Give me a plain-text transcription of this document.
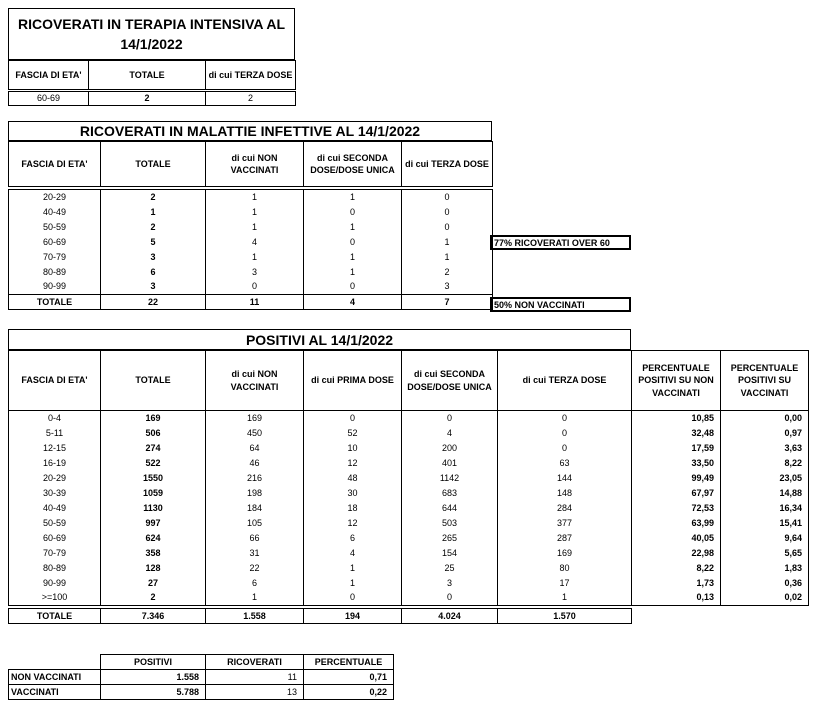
RICOVERATI IN TERAPIA INTENSIVA AL
14/1/2022
FASCIA DI ETA'	TOTALE	di cui TERZA DOSE
60-69	2	2
RICOVERATI IN MALATTIE INFETTIVE AL 14/1/2022
FASCIA DI ETA'	TOTALE	di cui NON VACCINATI	di cui SECONDA DOSE/DOSE UNICA	di cui TERZA DOSE
20-29	2	1	1	0
40-49	1	1	0	0
50-59	2	1	1	0
60-69	5	4	0	1
70-79	3	1	1	1
80-89	6	3	1	2
90-99	3	0	0	3
TOTALE	22	11	4	7
77% RICOVERATI OVER 60
50% NON VACCINATI
POSITIVI AL 14/1/2022
FASCIA DI ETA'	TOTALE	di cui NON VACCINATI	di cui PRIMA DOSE	di cui SECONDA DOSE/DOSE UNICA	di cui TERZA DOSE	PERCENTUALE POSITIVI SU NON VACCINATI	PERCENTUALE POSITIVI SU VACCINATI
0-4	169	169	0	0	0	10,85	0,00
5-11	506	450	52	4	0	32,48	0,97
12-15	274	64	10	200	0	17,59	3,63
16-19	522	46	12	401	63	33,50	8,22
20-29	1550	216	48	1142	144	99,49	23,05
30-39	1059	198	30	683	148	67,97	14,88
40-49	1130	184	18	644	284	72,53	16,34
50-59	997	105	12	503	377	63,99	15,41
60-69	624	66	6	265	287	40,05	9,64
70-79	358	31	4	154	169	22,98	5,65
80-89	128	22	1	25	80	8,22	1,83
90-99	27	6	1	3	17	1,73	0,36
>=100	2	1	0	0	1	0,13	0,02
TOTALE	7.346	1.558	194	4.024	1.570
	POSITIVI	RICOVERATI	PERCENTUALE
NON VACCINATI	1.558	11	0,71
VACCINATI	5.788	13	0,22
